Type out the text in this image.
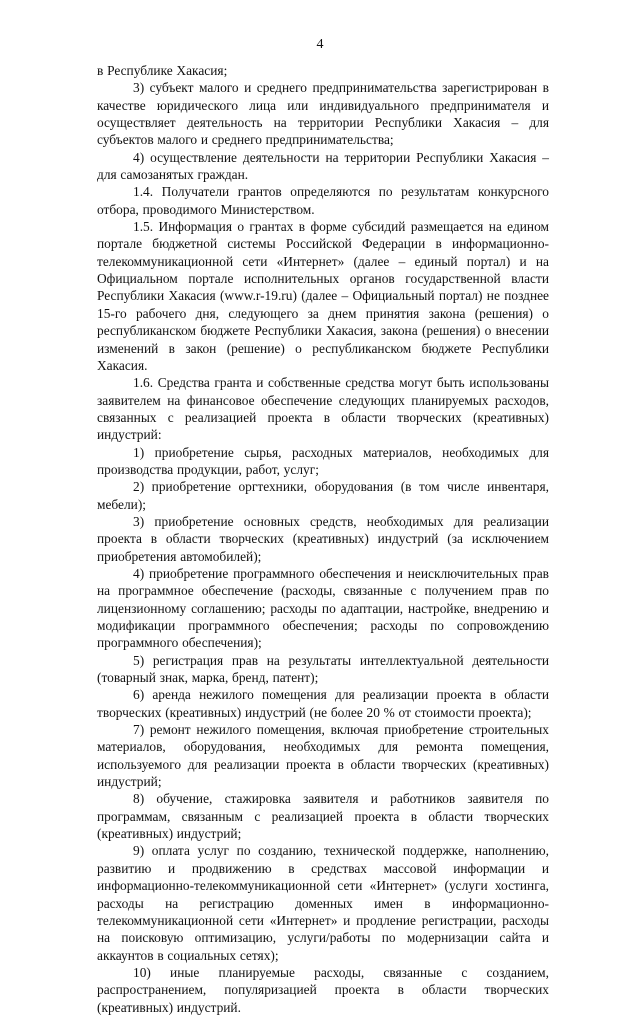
4

в Республике Хакасия;

3) субъект малого и среднего предпринимательства зарегистрирован в качестве юридического лица или индивидуального предпринимателя и осуществляет деятельность на территории Республики Хакасия – для субъектов малого и среднего предпринимательства;

4) осуществление деятельности на территории Республики Хакасия – для самозанятых граждан.

1.4. Получатели грантов определяются по результатам конкурсного отбора, проводимого Министерством.

1.5. Информация о грантах в форме субсидий размещается на едином портале бюджетной системы Российской Федерации в информационно-телекоммуникационной сети «Интернет» (далее – единый портал) и на Официальном портале исполнительных органов государственной власти Республики Хакасия (www.r-19.ru) (далее – Официальный портал) не позднее 15-го рабочего дня, следующего за днем принятия закона (решения) о республиканском бюджете Республики Хакасия, закона (решения) о внесении изменений в закон (решение) о республиканском бюджете Республики Хакасия.

1.6. Средства гранта и собственные средства могут быть использованы заявителем на финансовое обеспечение следующих планируемых расходов, связанных с реализацией проекта в области творческих (креативных) индустрий:

1) приобретение сырья, расходных материалов, необходимых для производства продукции, работ, услуг;

2) приобретение оргтехники, оборудования (в том числе инвентаря, мебели);

3) приобретение основных средств, необходимых для реализации проекта в области творческих (креативных) индустрий (за исключением приобретения автомобилей);

4) приобретение программного обеспечения и неисключительных прав на программное обеспечение (расходы, связанные с получением прав по лицензионному соглашению; расходы по адаптации, настройке, внедрению и модификации программного обеспечения; расходы по сопровождению программного обеспечения);

5) регистрация прав на результаты интеллектуальной деятельности (товарный знак, марка, бренд, патент);

6) аренда нежилого помещения для реализации проекта в области творческих (креативных) индустрий (не более 20 % от стоимости проекта);

7) ремонт нежилого помещения, включая приобретение строительных материалов, оборудования, необходимых для ремонта помещения, используемого для реализации проекта в области творческих (креативных) индустрий;

8) обучение, стажировка заявителя и работников заявителя по программам, связанным с реализацией проекта в области творческих (креативных) индустрий;

9) оплата услуг по созданию, технической поддержке, наполнению, развитию и продвижению в средствах массовой информации и информационно-телекоммуникационной сети «Интернет» (услуги хостинга, расходы на регистрацию доменных имен в информационно-телекоммуникационной сети «Интернет» и продление регистрации, расходы на поисковую оптимизацию, услуги/работы по модернизации сайта и аккаунтов в социальных сетях);

10) иные планируемые расходы, связанные с созданием, распространением, популяризацией проекта в области творческих (креативных) индустрий.
